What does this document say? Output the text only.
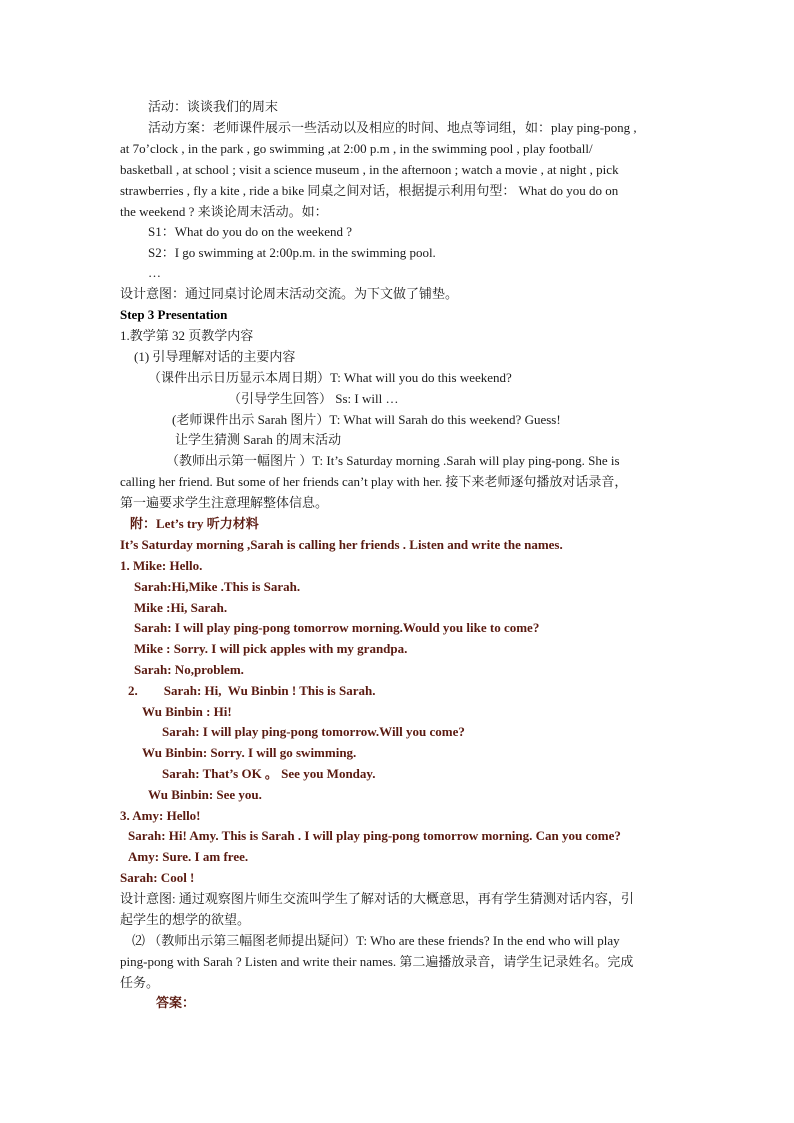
活动：谈谈我们的周末
活动方案：老师课件展示一些活动以及相应的时间、地点等词组，如：play ping-pong ,
at 7o’clock , in the park , go swimming ,at 2:00 p.m , in the swimming pool , play football/
basketball , at school ; visit a science museum , in the afternoon ; watch a movie , at night , pick
strawberries , fly a kite , ride a bike 同桌之间对话，根据提示利用句型： What do you do on
the weekend ? 来谈论周末活动。如：
S1：What do you do on the weekend ?
S2：I go swimming at 2:00p.m. in the swimming pool.
…
设计意图：通过同桌讨论周末活动交流。为下文做了铺垫。
Step 3 Presentation
1.教学第 32 页教学内容
(1) 引导理解对话的主要内容
（课件出示日历显示本周日期）T: What will you do this weekend?
（引导学生回答） Ss: I will …
(老师课件出示 Sarah 图片）T: What will Sarah do this weekend? Guess!
让学生猜测 Sarah 的周末活动
（教师出示第一幅图片 ）T: It’s Saturday morning .Sarah will play ping-pong. She is
calling her friend. But some of her friends can’t play with her. 接下来老师逐句播放对话录音，
第一遍要求学生注意理解整体信息。
附：Let’s try 听力材料
It’s Saturday morning ,Sarah is calling her friends . Listen and write the names.
1. Mike: Hello.
Sarah:Hi,Mike .This is Sarah.
Mike :Hi, Sarah.
Sarah: I will play ping-pong tomorrow morning.Would you like to come?
Mike : Sorry. I will pick apples with my grandpa.
Sarah: No,problem.
2.        Sarah: Hi,  Wu Binbin ! This is Sarah.
Wu Binbin : Hi!
Sarah: I will play ping-pong tomorrow.Will you come?
Wu Binbin: Sorry. I will go swimming.
Sarah: That’s OK 。 See you Monday.
Wu Binbin: See you.
3. Amy: Hello!
Sarah: Hi! Amy. This is Sarah . I will play ping-pong tomorrow morning. Can you come?
Amy: Sure. I am free.
Sarah: Cool !
设计意图: 通过观察图片师生交流叫学生了解对话的大概意思，再有学生猜测对话内容，引
起学生的想学的欲望。
⑵ （教师出示第三幅图老师提出疑问）T: Who are these friends? In the end who will play
ping-pong with Sarah ? Listen and write their names. 第二遍播放录音，请学生记录姓名。完成
任务。
答案：
